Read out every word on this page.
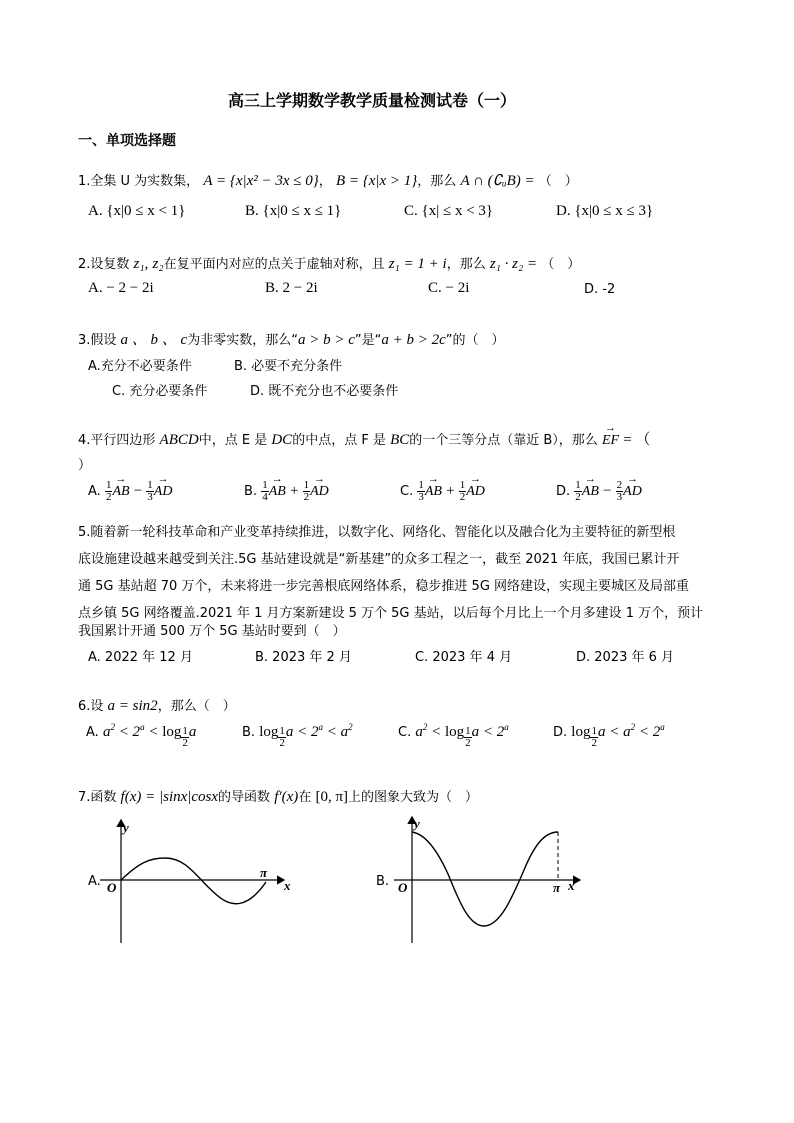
高三上学期数学教学质量检测试卷（一）
一、单项选择题
1.全集 U 为实数集， A = {x|x² − 3x ≤ 0}， B = {x|x > 1}，那么 A ∩ (∁ᵤB) = （　）
A. {x|0 ≤ x < 1}	B. {x|0 ≤ x ≤ 1}	C. {x| ≤ x < 3}	D. {x|0 ≤ x ≤ 3}
2.设复数 z₁, z₂在复平面内对应的点关于虚轴对称，且 z₁ = 1 + i，那么 z₁ · z₂ = （　）
A. − 2 − 2i	B. 2 − 2i	C. − 2i	D. -2
3.假设 a 、 b 、 c为非零实数，那么“a > b > c”是“a + b > 2c”的（　）
A.充分不必要条件	B. 必要不充分条件
C. 充分必要条件	D. 既不充分也不必要条件
4.平行四边形 ABCD中，点 E 是 DC的中点，点 F 是 BC的一个三等分点（靠近 B），那么 → EF = （
）
A. $\frac{1}{2}$ → AB − $\frac{1}{3}$ → AD	B. $\frac{1}{4}$ → AB + $\frac{1}{2}$ → AD	C. $\frac{1}{3}$ → AB + $\frac{1}{2}$ → AD	D. $\frac{1}{2}$ → AB − $\frac{2}{3}$ → AD
5.随着新一轮科技革命和产业变革持续推进，以数字化、网络化、智能化以及融合化为主要特征的新型根
底设施建设越来越受到关注.5G 基站建设就是“新基建”的众多工程之一，截至 2021 年底，我国已累计开
通 5G 基站超 70 万个，未来将进一步完善根底网络体系，稳步推进 5G 网络建设，实现主要城区及局部重
点乡镇 5G 网络覆盖.2021 年 1 月方案新建设 5 万个 5G 基站，以后每个月比上一个月多建设 1 万个，预计
我国累计开通 500 万个 5G 基站时要到（　）
A. 2022 年 12 月	B. 2023 年 2 月	C. 2023 年 4 月	D. 2023 年 6 月
6.设 a = sin2，那么（　）
A. $a^2 < 2^a < \log \frac{1}{2}$ a	B. $\log \frac{1}{2}$ $a < 2^a < a^2$	C. $a^2 < \log \frac{1}{2}$ $a < 2^a$	D. $\log \frac{1}{2}$ $a < a^2 < 2^a$
7.函数 f(x) = |sinx|cosx的导函数 f′(x)在 [0, π]上的图象大致为（　）
A.
y
x
O
π
B.
y
x
O	π
